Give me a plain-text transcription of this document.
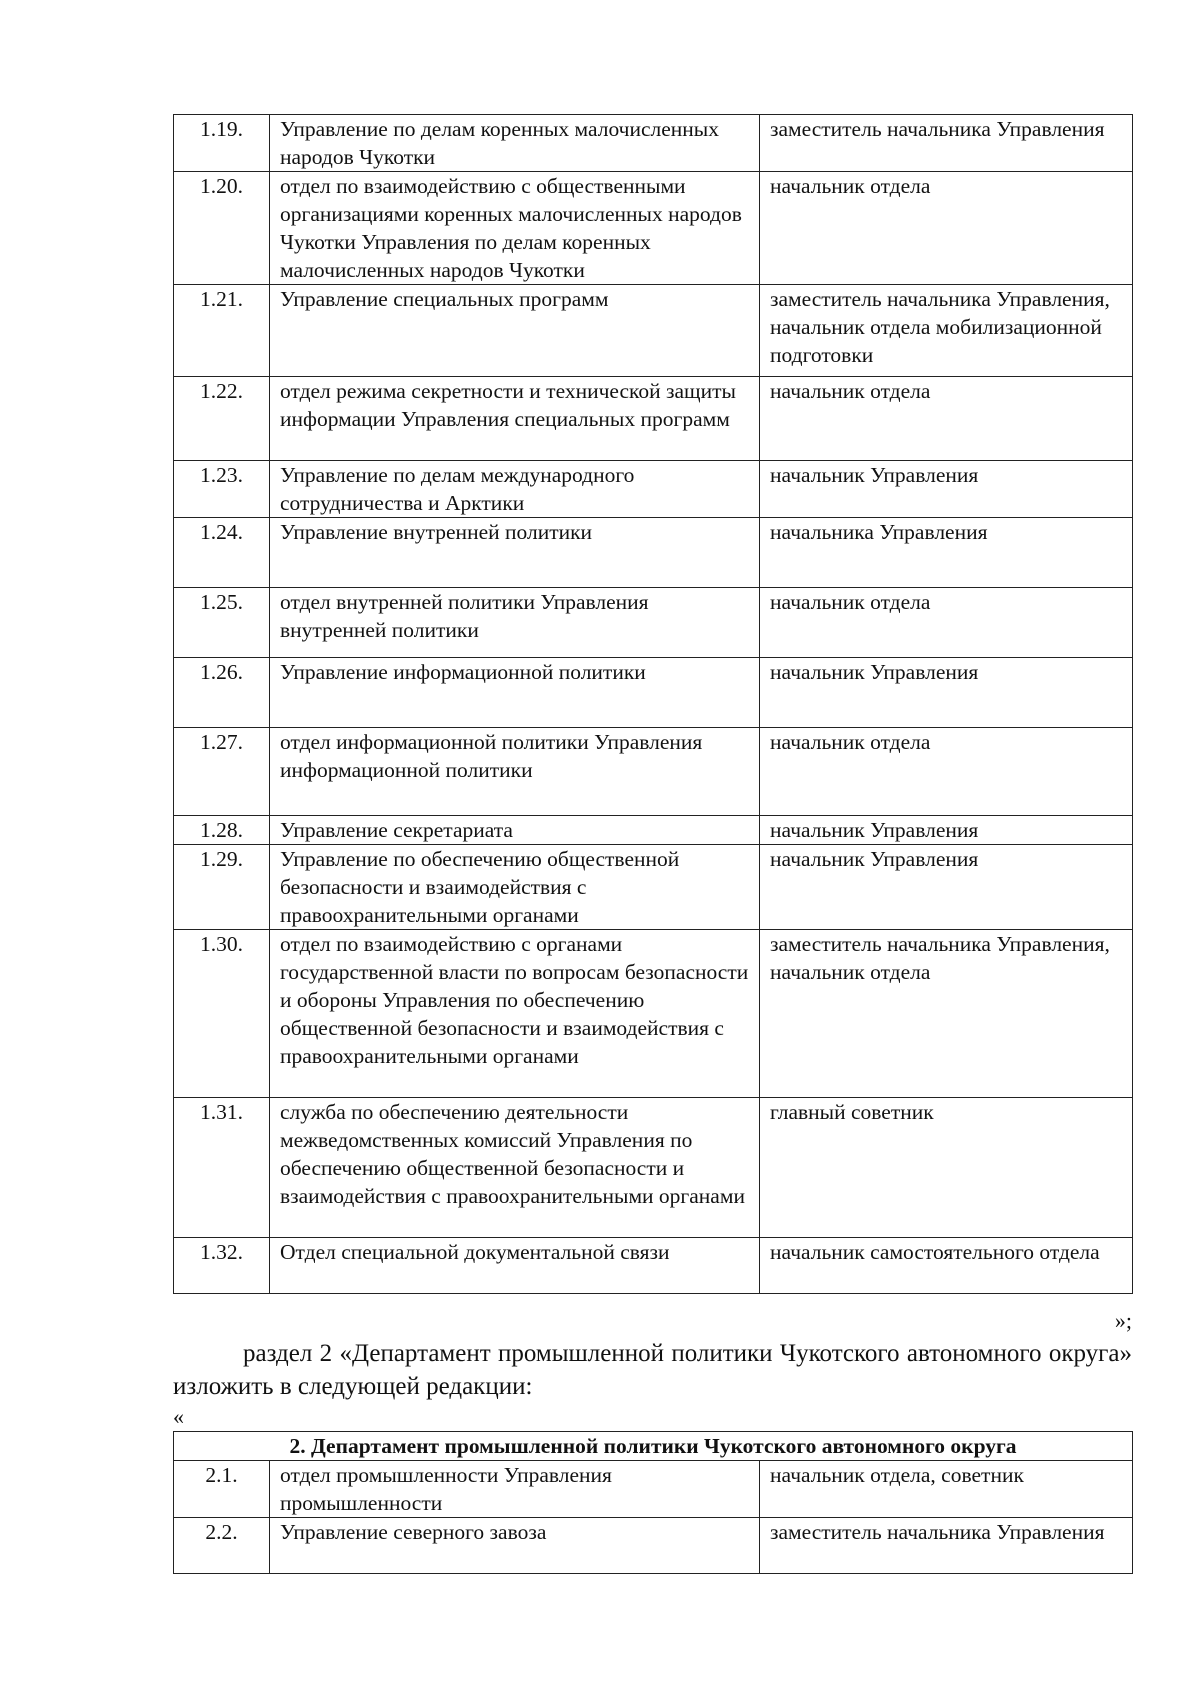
1.19.	Управление по делам коренных малочисленных народов Чукотки	заместитель начальника Управления
1.20.	отдел по взаимодействию с общественными организациями коренных малочисленных народов Чукотки Управления по делам коренных малочисленных народов Чукотки	начальник отдела
1.21.	Управление специальных программ	заместитель начальника Управления, начальник отдела мобилизационной подготовки
1.22.	отдел режима секретности и технической защиты информации Управления специальных программ	начальник отдела
1.23.	Управление по делам международного сотрудничества и Арктики	начальник Управления
1.24.	Управление внутренней политики	начальника Управления
1.25.	отдел внутренней политики Управления внутренней политики	начальник отдела
1.26.	Управление информационной политики	начальник Управления
1.27.	отдел информационной политики Управления информационной политики	начальник отдела
1.28.	Управление секретариата	начальник Управления
1.29.	Управление по обеспечению общественной безопасности и взаимодействия с правоохранительными органами	начальник Управления
1.30.	отдел по взаимодействию с органами государственной власти по вопросам безопасности и обороны Управления по обеспечению общественной безопасности и взаимодействия с правоохранительными органами	заместитель начальника Управления, начальник отдела
1.31.	служба по обеспечению деятельности межведомственных комиссий Управления по обеспечению общественной безопасности и взаимодействия с правоохранительными органами	главный советник
1.32.	Отдел специальной документальной связи	начальник самостоятельного отдела

»;

раздел 2 «Департамент промышленной политики Чукотского автономного округа» изложить в следующей редакции:

«

2. Департамент промышленной политики Чукотского автономного округа		
2.1.	отдел промышленности Управления промышленности	начальник отдела, советник
2.2.	Управление северного завоза	заместитель начальника Управления
